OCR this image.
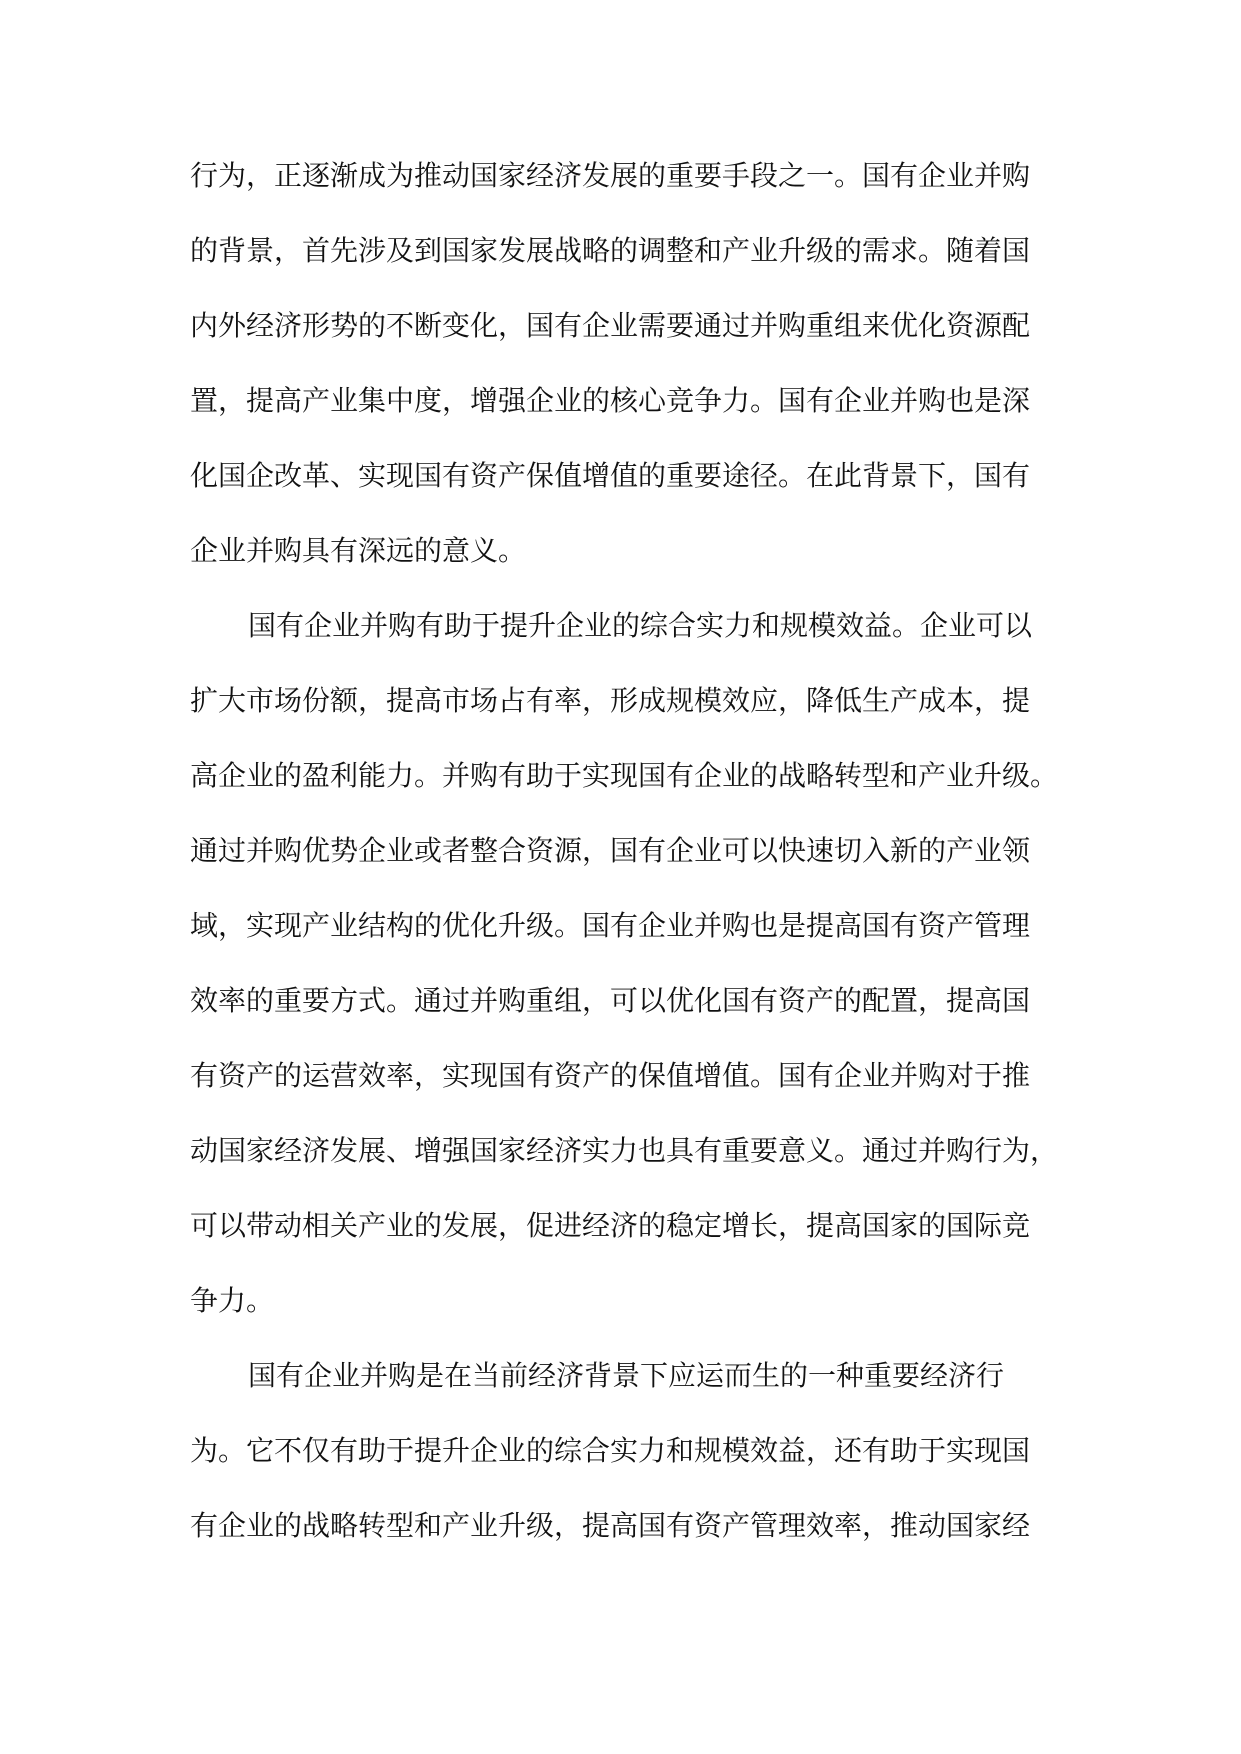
行为，正逐渐成为推动国家经济发展的重要手段之一。国有企业并购
的背景，首先涉及到国家发展战略的调整和产业升级的需求。随着国
内外经济形势的不断变化，国有企业需要通过并购重组来优化资源配
置，提高产业集中度，增强企业的核心竞争力。国有企业并购也是深
化国企改革、实现国有资产保值增值的重要途径。在此背景下，国有
企业并购具有深远的意义。
国有企业并购有助于提升企业的综合实力和规模效益。企业可以
扩大市场份额，提高市场占有率，形成规模效应，降低生产成本，提
高企业的盈利能力。并购有助于实现国有企业的战略转型和产业升级。
通过并购优势企业或者整合资源，国有企业可以快速切入新的产业领
域，实现产业结构的优化升级。国有企业并购也是提高国有资产管理
效率的重要方式。通过并购重组，可以优化国有资产的配置，提高国
有资产的运营效率，实现国有资产的保值增值。国有企业并购对于推
动国家经济发展、增强国家经济实力也具有重要意义。通过并购行为，
可以带动相关产业的发展，促进经济的稳定增长，提高国家的国际竞
争力。
国有企业并购是在当前经济背景下应运而生的一种重要经济行
为。它不仅有助于提升企业的综合实力和规模效益，还有助于实现国
有企业的战略转型和产业升级，提高国有资产管理效率，推动国家经
